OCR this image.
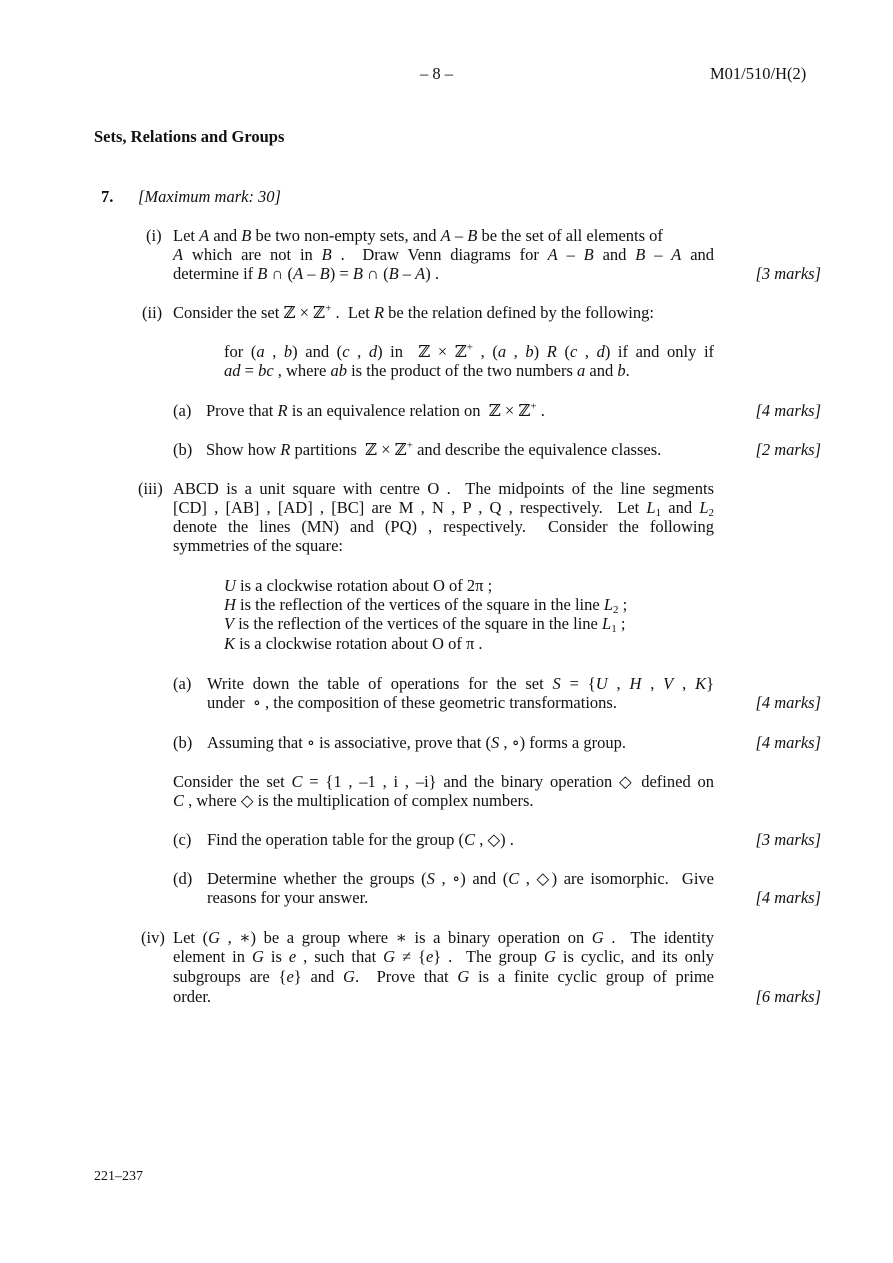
– 8 –	M01/510/H(2)
Sets, Relations and Groups
7. [Maximum mark: 30]
(i) Let A and B be two non-empty sets, and A – B be the set of all elements of
A which are not in B .  Draw Venn diagrams for A – B and B – A and
determine if B ∩ (A – B) = B ∩ (B – A) .	[3 marks]
(ii) Consider the set ℤ × ℤ+ .  Let R be the relation defined by the following:
for (a , b) and (c , d) in  ℤ × ℤ+ , (a , b) R (c , d) if and only if
ad = bc , where ab is the product of the two numbers a and b.
(a) Prove that R is an equivalence relation on  ℤ × ℤ+ .	[4 marks]
(b) Show how R partitions  ℤ × ℤ+ and describe the equivalence classes.	[2 marks]
(iii) ABCD is a unit square with centre O .  The midpoints of the line segments
[CD] , [AB] , [AD] , [BC] are M , N , P , Q , respectively.  Let $L_1$ and $L_2$
denote the lines (MN) and (PQ) , respectively.  Consider the following
symmetries of the square:
U is a clockwise rotation about O of 2π ;
H is the reflection of the vertices of the square in the line $L_2$ ;
V is the reflection of the vertices of the square in the line $L_1$ ;
K is a clockwise rotation about O of π .
(a) Write down the table of operations for the set S = {U , H , V , K}
under  ∘ , the composition of these geometric transformations.	[4 marks]
(b) Assuming that ∘ is associative, prove that (S , ∘) forms a group.	[4 marks]
Consider the set C = {1 , –1 , i , –i} and the binary operation ◇ defined on
C , where ◇ is the multiplication of complex numbers.
(c) Find the operation table for the group (C , ◇) .	[3 marks]
(d) Determine whether the groups (S , ∘) and (C , ◇) are isomorphic.  Give
reasons for your answer.	[4 marks]
(iv) Let (G , ∗) be a group where ∗ is a binary operation on G .  The identity
element in G is e , such that G ≠ {e} .  The group G is cyclic, and its only
subgroups are {e} and G.  Prove that G is a finite cyclic group of prime
order.	[6 marks]
221–237
